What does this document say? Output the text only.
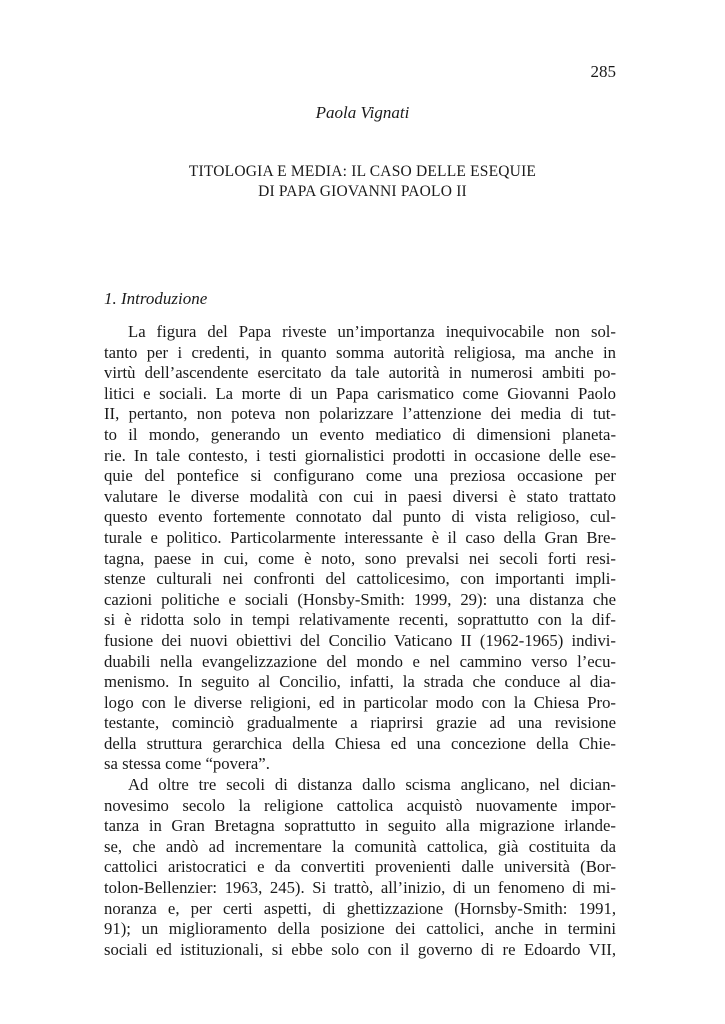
285
Paola Vignati
TITOLOGIA E MEDIA: IL CASO DELLE ESEQUIE
DI PAPA GIOVANNI PAOLO II
1. Introduzione
La figura del Papa riveste un’importanza inequivocabile non sol-
tanto per i credenti, in quanto somma autorità religiosa, ma anche in
virtù dell’ascendente esercitato da tale autorità in numerosi ambiti po-
litici e sociali. La morte di un Papa carismatico come Giovanni Paolo
II, pertanto, non poteva non polarizzare l’attenzione dei media di tut-
to il mondo, generando un evento mediatico di dimensioni planeta-
rie. In tale contesto, i testi giornalistici prodotti in occasione delle ese-
quie del pontefice si configurano come una preziosa occasione per
valutare le diverse modalità con cui in paesi diversi è stato trattato
questo evento fortemente connotato dal punto di vista religioso, cul-
turale e politico. Particolarmente interessante è il caso della Gran Bre-
tagna, paese in cui, come è noto, sono prevalsi nei secoli forti resi-
stenze culturali nei confronti del cattolicesimo, con importanti impli-
cazioni politiche e sociali (Honsby-Smith: 1999, 29): una distanza che
si è ridotta solo in tempi relativamente recenti, soprattutto con la dif-
fusione dei nuovi obiettivi del Concilio Vaticano II (1962-1965) indivi-
duabili nella evangelizzazione del mondo e nel cammino verso l’ecu-
menismo. In seguito al Concilio, infatti, la strada che conduce al dia-
logo con le diverse religioni, ed in particolar modo con la Chiesa Pro-
testante, cominciò gradualmente a riaprirsi grazie ad una revisione
della struttura gerarchica della Chiesa ed una concezione della Chie-
sa stessa come “povera”.
Ad oltre tre secoli di distanza dallo scisma anglicano, nel dician-
novesimo secolo la religione cattolica acquistò nuovamente impor-
tanza in Gran Bretagna soprattutto in seguito alla migrazione irlande-
se, che andò ad incrementare la comunità cattolica, già costituita da
cattolici aristocratici e da convertiti provenienti dalle università (Bor-
tolon-Bellenzier: 1963, 245). Si trattò, all’inizio, di un fenomeno di mi-
noranza e, per certi aspetti, di ghettizzazione (Hornsby-Smith: 1991,
91); un miglioramento della posizione dei cattolici, anche in termini
sociali ed istituzionali, si ebbe solo con il governo di re Edoardo VII,
